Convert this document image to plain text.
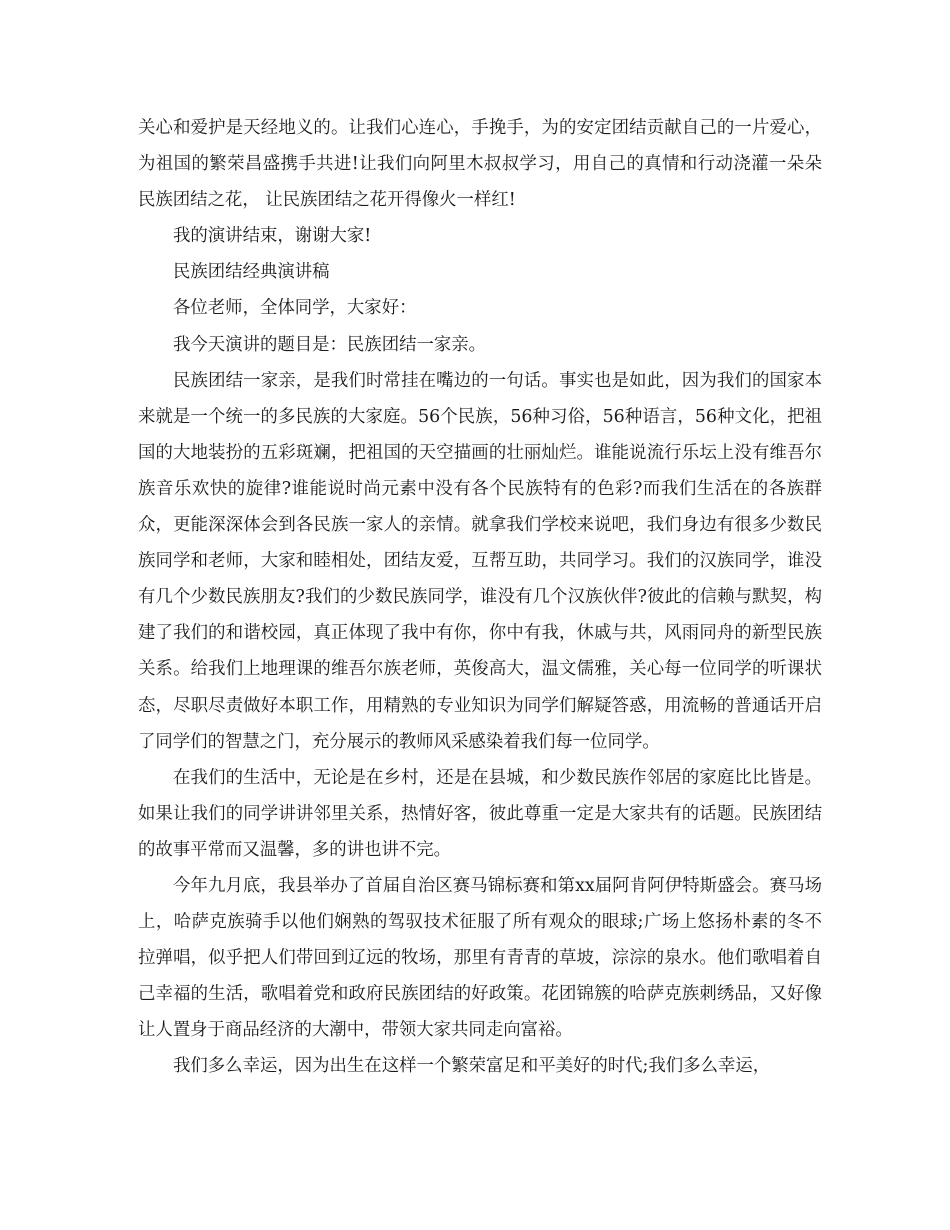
关心和爱护是天经地义的。让我们心连心，手挽手，为的安定团结贡献自己的一片爱心，为祖国的繁荣昌盛携手共进!让我们向阿里木叔叔学习，用自己的真情和行动浇灌一朵朵民族团结之花， 让民族团结之花开得像火一样红!

我的演讲结束，谢谢大家!

民族团结经典演讲稿

各位老师，全体同学，大家好：

我今天演讲的题目是：民族团结一家亲。

民族团结一家亲，是我们时常挂在嘴边的一句话。事实也是如此，因为我们的国家本来就是一个统一的多民族的大家庭。56个民族，56种习俗，56种语言，56种文化，把祖国的大地装扮的五彩斑斓，把祖国的天空描画的壮丽灿烂。谁能说流行乐坛上没有维吾尔族音乐欢快的旋律?谁能说时尚元素中没有各个民族特有的色彩?而我们生活在的各族群众，更能深深体会到各民族一家人的亲情。就拿我们学校来说吧，我们身边有很多少数民族同学和老师，大家和睦相处，团结友爱，互帮互助，共同学习。我们的汉族同学，谁没有几个少数民族朋友?我们的少数民族同学，谁没有几个汉族伙伴?彼此的信赖与默契，构建了我们的和谐校园，真正体现了我中有你，你中有我，休戚与共，风雨同舟的新型民族关系。给我们上地理课的维吾尔族老师，英俊高大，温文儒雅，关心每一位同学的听课状态，尽职尽责做好本职工作，用精熟的专业知识为同学们解疑答惑，用流畅的普通话开启了同学们的智慧之门，充分展示的教师风采感染着我们每一位同学。

在我们的生活中，无论是在乡村，还是在县城，和少数民族作邻居的家庭比比皆是。如果让我们的同学讲讲邻里关系，热情好客，彼此尊重一定是大家共有的话题。民族团结的故事平常而又温馨，多的讲也讲不完。

今年九月底，我县举办了首届自治区赛马锦标赛和第xx届阿肯阿伊特斯盛会。赛马场上，哈萨克族骑手以他们娴熟的驾驭技术征服了所有观众的眼球;广场上悠扬朴素的冬不拉弹唱，似乎把人们带回到辽远的牧场，那里有青青的草坡，淙淙的泉水。他们歌唱着自己幸福的生活，歌唱着党和政府民族团结的好政策。花团锦簇的哈萨克族刺绣品，又好像让人置身于商品经济的大潮中，带领大家共同走向富裕。

我们多么幸运，因为出生在这样一个繁荣富足和平美好的时代;我们多么幸运，
